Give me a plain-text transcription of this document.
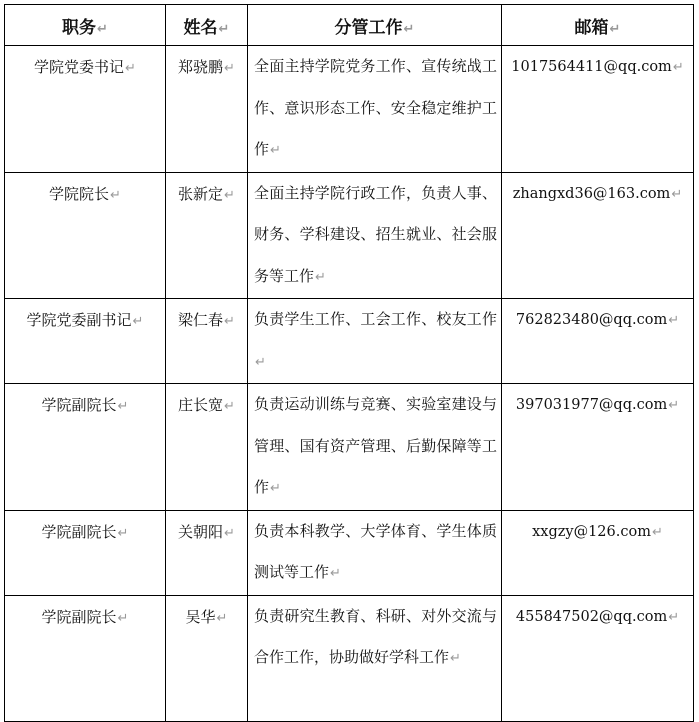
职务↵	姓名↵	分管工作↵	邮箱↵
学院党委书记↵	郑骁鹏↵	全面主持学院党务工作、宣传统战工作、意识形态工作、安全稳定维护工作↵	1017564411@qq.com↵
学院院长↵	张新定↵	全面主持学院行政工作，负责人事、财务、学科建设、招生就业、社会服务等工作↵	zhangxd36@163.com↵
学院党委副书记↵	梁仁春↵	负责学生工作、工会工作、校友工作↵	762823480@qq.com↵
学院副院长↵	庄长宽↵	负责运动训练与竞赛、实验室建设与管理、国有资产管理、后勤保障等工作↵	397031977@qq.com↵
学院副院长↵	关朝阳↵	负责本科教学、大学体育、学生体质测试等工作↵	xxgzy@126.com↵
学院副院长↵	吴华↵	负责研究生教育、科研、对外交流与合作工作，协助做好学科工作↵	455847502@qq.com↵
